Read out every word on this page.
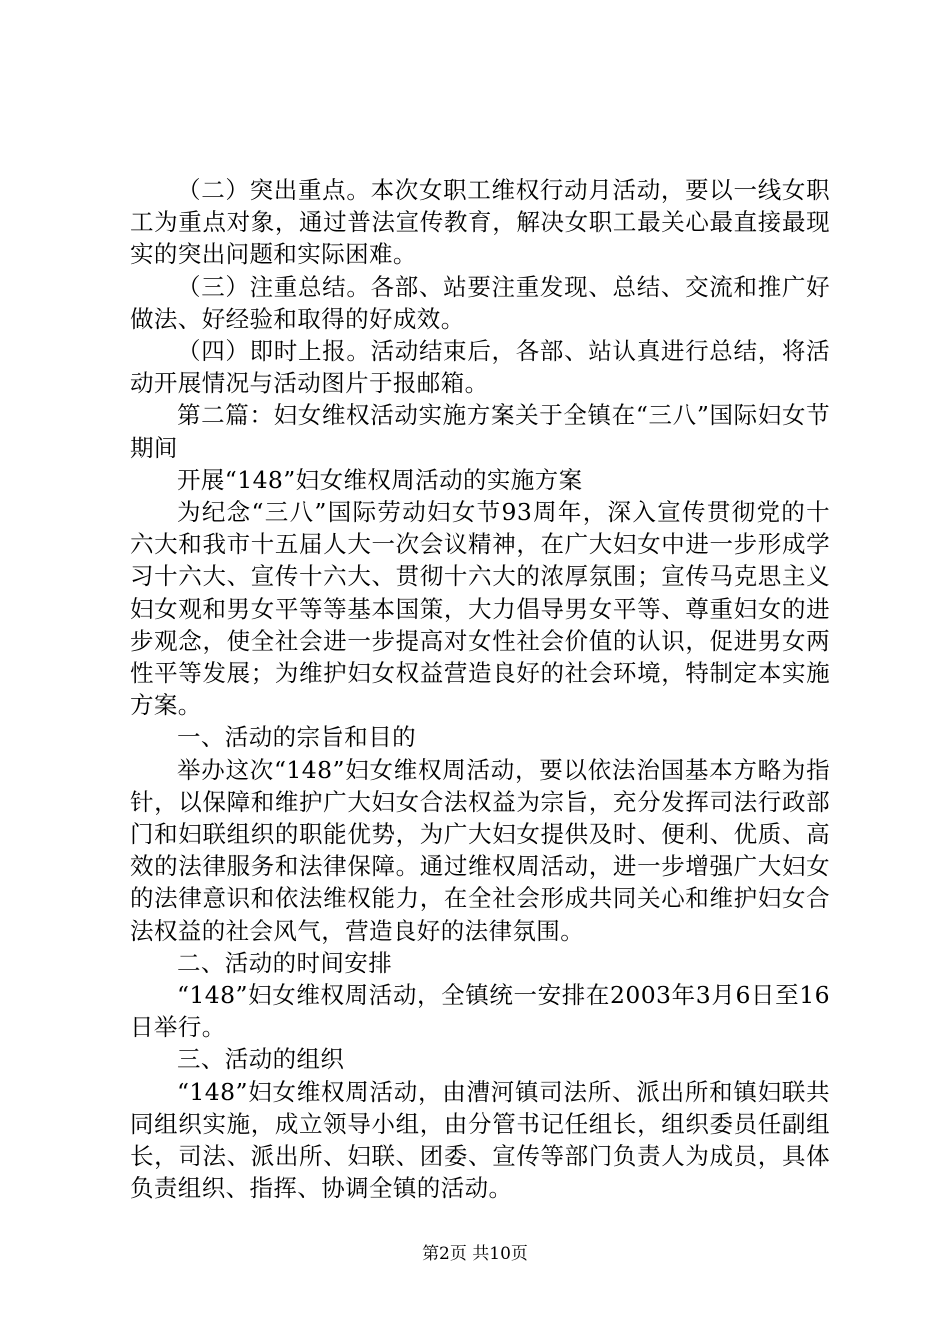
（二）突出重点。本次女职工维权行动月活动，要以一线女职工为重点对象，通过普法宣传教育，解决女职工最关心最直接最现实的突出问题和实际困难。

（三）注重总结。各部、站要注重发现、总结、交流和推广好做法、好经验和取得的好成效。

（四）即时上报。活动结束后，各部、站认真进行总结，将活动开展情况与活动图片于报邮箱。

第二篇：妇女维权活动实施方案关于全镇在“三八”国际妇女节期间

开展“148”妇女维权周活动的实施方案

为纪念“三八”国际劳动妇女节93周年，深入宣传贯彻党的十六大和我市十五届人大一次会议精神，在广大妇女中进一步形成学习十六大、宣传十六大、贯彻十六大的浓厚氛围；宣传马克思主义妇女观和男女平等等基本国策，大力倡导男女平等、尊重妇女的进步观念，使全社会进一步提高对女性社会价值的认识，促进男女两性平等发展；为维护妇女权益营造良好的社会环境，特制定本实施方案。

一、活动的宗旨和目的

举办这次“148”妇女维权周活动，要以依法治国基本方略为指针，以保障和维护广大妇女合法权益为宗旨，充分发挥司法行政部门和妇联组织的职能优势，为广大妇女提供及时、便利、优质、高效的法律服务和法律保障。通过维权周活动，进一步增强广大妇女的法律意识和依法维权能力，在全社会形成共同关心和维护妇女合法权益的社会风气，营造良好的法律氛围。

二、活动的时间安排

“148”妇女维权周活动，全镇统一安排在2003年3月6日至16日举行。

三、活动的组织

“148”妇女维权周活动，由漕河镇司法所、派出所和镇妇联共同组织实施，成立领导小组，由分管书记任组长，组织委员任副组长，司法、派出所、妇联、团委、宣传等部门负责人为成员，具体负责组织、指挥、协调全镇的活动。

第2页 共10页
